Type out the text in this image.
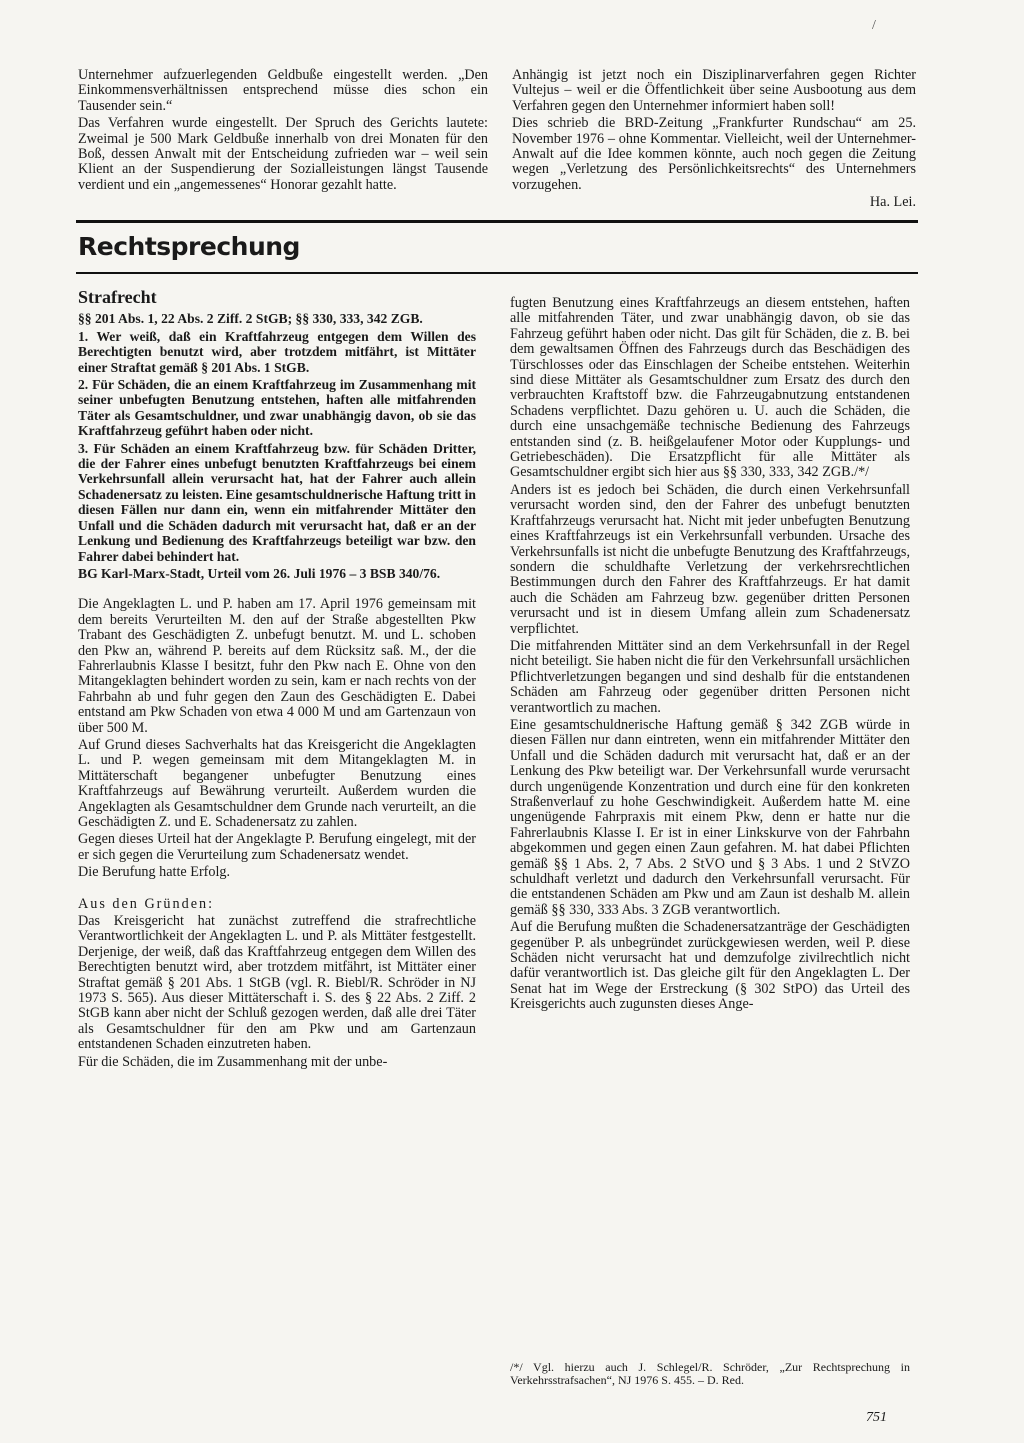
/

Unternehmer aufzuerlegenden Geldbuße eingestellt werden. „Den Einkommensverhältnissen entsprechend müsse dies schon ein Tausender sein.“

Das Verfahren wurde eingestellt. Der Spruch des Gerichts lautete: Zweimal je 500 Mark Geldbuße innerhalb von drei Monaten für den Boß, dessen Anwalt mit der Entscheidung zufrieden war – weil sein Klient an der Suspendierung der Sozialleistungen längst Tausende verdient und ein „angemessenes“ Honorar gezahlt hatte.

Anhängig ist jetzt noch ein Disziplinarverfahren gegen Richter Vultejus – weil er die Öffentlichkeit über seine Ausbootung aus dem Verfahren gegen den Unternehmer informiert haben soll!

Dies schrieb die BRD-Zeitung „Frankfurter Rundschau“ am 25. November 1976 – ohne Kommentar. Vielleicht, weil der Unternehmer-Anwalt auf die Idee kommen könnte, auch noch gegen die Zeitung wegen „Verletzung des Persönlichkeitsrechts“ des Unternehmers vorzugehen.

Ha. Lei.

Rechtsprechung
Strafrecht

§§ 201 Abs. 1, 22 Abs. 2 Ziff. 2 StGB; §§ 330, 333, 342 ZGB.

1. Wer weiß, daß ein Kraftfahrzeug entgegen dem Willen des Berechtigten benutzt wird, aber trotzdem mitfährt, ist Mittäter einer Straftat gemäß § 201 Abs. 1 StGB.

2. Für Schäden, die an einem Kraftfahrzeug im Zusammenhang mit seiner unbefugten Benutzung entstehen, haften alle mitfahrenden Täter als Gesamtschuldner, und zwar unabhängig davon, ob sie das Kraftfahrzeug geführt haben oder nicht.

3. Für Schäden an einem Kraftfahrzeug bzw. für Schäden Dritter, die der Fahrer eines unbefugt benutzten Kraftfahrzeugs bei einem Verkehrsunfall allein verursacht hat, hat der Fahrer auch allein Schadenersatz zu leisten. Eine gesamtschuldnerische Haftung tritt in diesen Fällen nur dann ein, wenn ein mitfahrender Mittäter den Unfall und die Schäden dadurch mit verursacht hat, daß er an der Lenkung und Bedienung des Kraftfahrzeugs beteiligt war bzw. den Fahrer dabei behindert hat.

BG Karl-Marx-Stadt, Urteil vom 26. Juli 1976 – 3 BSB 340/76.

Die Angeklagten L. und P. haben am 17. April 1976 gemeinsam mit dem bereits Verurteilten M. den auf der Straße abgestellten Pkw Trabant des Geschädigten Z. unbefugt benutzt. M. und L. schoben den Pkw an, während P. bereits auf dem Rücksitz saß. M., der die Fahrerlaubnis Klasse I besitzt, fuhr den Pkw nach E. Ohne von den Mitangeklagten behindert worden zu sein, kam er nach rechts von der Fahrbahn ab und fuhr gegen den Zaun des Geschädigten E. Dabei entstand am Pkw Schaden von etwa 4 000 M und am Gartenzaun von über 500 M.

Auf Grund dieses Sachverhalts hat das Kreisgericht die Angeklagten L. und P. wegen gemeinsam mit dem Mitangeklagten M. in Mittäterschaft begangener unbefugter Benutzung eines Kraftfahrzeugs auf Bewährung verurteilt. Außerdem wurden die Angeklagten als Gesamtschuldner dem Grunde nach verurteilt, an die Geschädigten Z. und E. Schadenersatz zu zahlen.

Gegen dieses Urteil hat der Angeklagte P. Berufung eingelegt, mit der er sich gegen die Verurteilung zum Schadenersatz wendet.

Die Berufung hatte Erfolg.

Aus den Gründen:

Das Kreisgericht hat zunächst zutreffend die strafrechtliche Verantwortlichkeit der Angeklagten L. und P. als Mittäter festgestellt. Derjenige, der weiß, daß das Kraftfahrzeug entgegen dem Willen des Berechtigten benutzt wird, aber trotzdem mitfährt, ist Mittäter einer Straftat gemäß § 201 Abs. 1 StGB (vgl. R. Biebl/R. Schröder in NJ 1973 S. 565). Aus dieser Mittäterschaft i. S. des § 22 Abs. 2 Ziff. 2 StGB kann aber nicht der Schluß gezogen werden, daß alle drei Täter als Gesamtschuldner für den am Pkw und am Gartenzaun entstandenen Schaden einzutreten haben.

Für die Schäden, die im Zusammenhang mit der unbe-

fugten Benutzung eines Kraftfahrzeugs an diesem entstehen, haften alle mitfahrenden Täter, und zwar unabhängig davon, ob sie das Fahrzeug geführt haben oder nicht. Das gilt für Schäden, die z. B. bei dem gewaltsamen Öffnen des Fahrzeugs durch das Beschädigen des Türschlosses oder das Einschlagen der Scheibe entstehen. Weiterhin sind diese Mittäter als Gesamtschuldner zum Ersatz des durch den verbrauchten Kraftstoff bzw. die Fahrzeugabnutzung entstandenen Schadens verpflichtet. Dazu gehören u. U. auch die Schäden, die durch eine unsachgemäße technische Bedienung des Fahrzeugs entstanden sind (z. B. heißgelaufener Motor oder Kupplungs- und Getriebeschäden). Die Ersatzpflicht für alle Mittäter als Gesamtschuldner ergibt sich hier aus §§ 330, 333, 342 ZGB./*/

Anders ist es jedoch bei Schäden, die durch einen Verkehrsunfall verursacht worden sind, den der Fahrer des unbefugt benutzten Kraftfahrzeugs verursacht hat. Nicht mit jeder unbefugten Benutzung eines Kraftfahrzeugs ist ein Verkehrsunfall verbunden. Ursache des Verkehrsunfalls ist nicht die unbefugte Benutzung des Kraftfahrzeugs, sondern die schuldhafte Verletzung der verkehrsrechtlichen Bestimmungen durch den Fahrer des Kraftfahrzeugs. Er hat damit auch die Schäden am Fahrzeug bzw. gegenüber dritten Personen verursacht und ist in diesem Umfang allein zum Schadenersatz verpflichtet.

Die mitfahrenden Mittäter sind an dem Verkehrsunfall in der Regel nicht beteiligt. Sie haben nicht die für den Verkehrsunfall ursächlichen Pflichtverletzungen begangen und sind deshalb für die entstandenen Schäden am Fahrzeug oder gegenüber dritten Personen nicht verantwortlich zu machen.

Eine gesamtschuldnerische Haftung gemäß § 342 ZGB würde in diesen Fällen nur dann eintreten, wenn ein mitfahrender Mittäter den Unfall und die Schäden dadurch mit verursacht hat, daß er an der Lenkung des Pkw beteiligt war. Der Verkehrsunfall wurde verursacht durch ungenügende Konzentration und durch eine für den konkreten Straßenverlauf zu hohe Geschwindigkeit. Außerdem hatte M. eine ungenügende Fahrpraxis mit einem Pkw, denn er hatte nur die Fahrerlaubnis Klasse I. Er ist in einer Linkskurve von der Fahrbahn abgekommen und gegen einen Zaun gefahren. M. hat dabei Pflichten gemäß §§ 1 Abs. 2, 7 Abs. 2 StVO und § 3 Abs. 1 und 2 StVZO schuldhaft verletzt und dadurch den Verkehrsunfall verursacht. Für die entstandenen Schäden am Pkw und am Zaun ist deshalb M. allein gemäß §§ 330, 333 Abs. 3 ZGB verantwortlich.

Auf die Berufung mußten die Schadenersatzanträge der Geschädigten gegenüber P. als unbegründet zurückgewiesen werden, weil P. diese Schäden nicht verursacht hat und demzufolge zivilrechtlich nicht dafür verantwortlich ist. Das gleiche gilt für den Angeklagten L. Der Senat hat im Wege der Erstreckung (§ 302 StPO) das Urteil des Kreisgerichts auch zugunsten dieses Ange-

/*/ Vgl. hierzu auch J. Schlegel/R. Schröder, „Zur Rechtsprechung in Verkehrsstrafsachen“, NJ 1976 S. 455. – D. Red.
751
